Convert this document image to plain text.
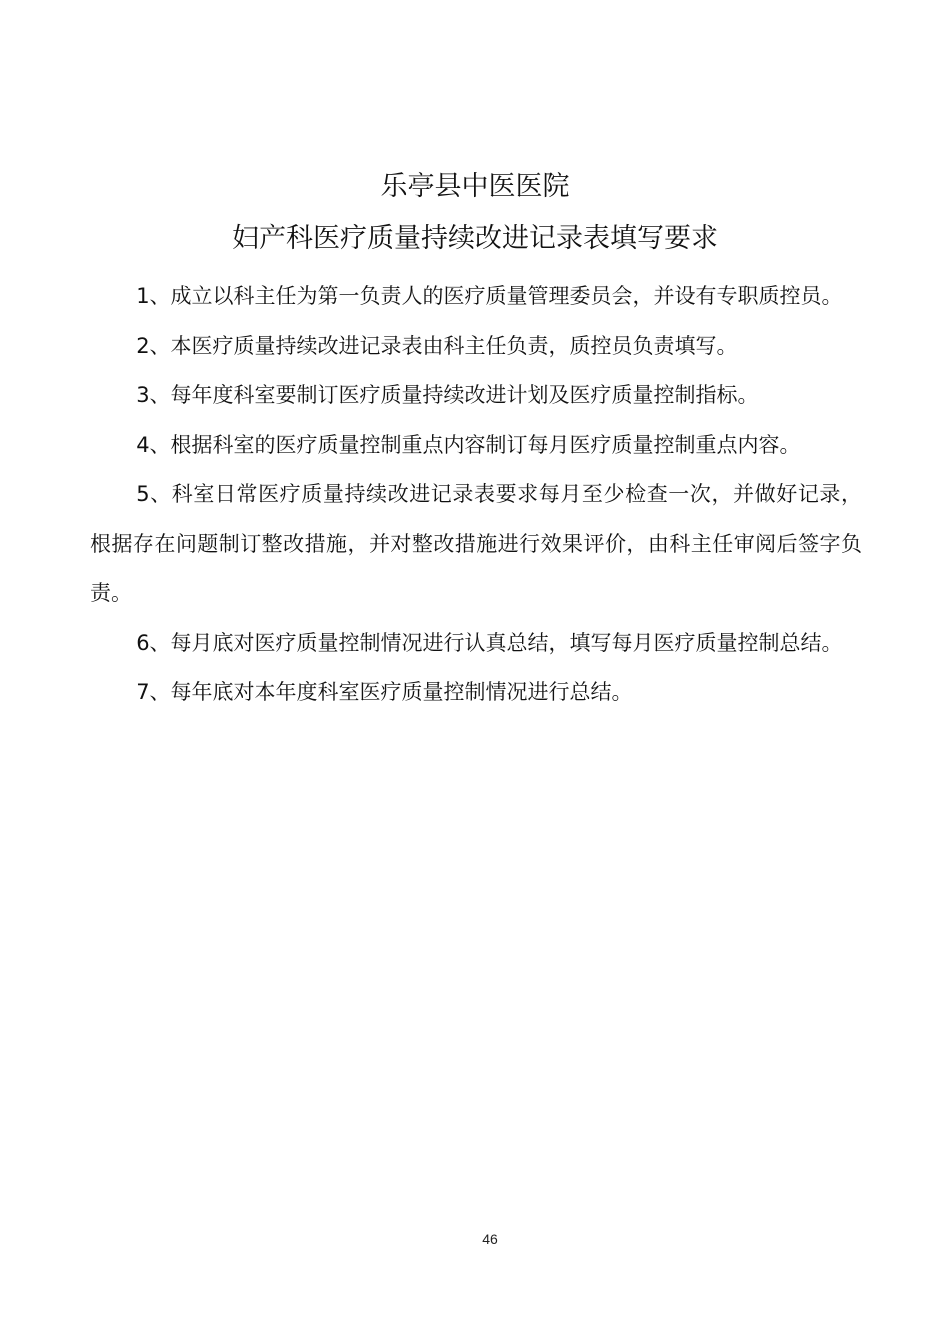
乐亭县中医医院
妇产科医疗质量持续改进记录表填写要求

1、成立以科主任为第一负责人的医疗质量管理委员会，并设有专职质控员。

2、本医疗质量持续改进记录表由科主任负责，质控员负责填写。

3、每年度科室要制订医疗质量持续改进计划及医疗质量控制指标。

4、根据科室的医疗质量控制重点内容制订每月医疗质量控制重点内容。

5、科室日常医疗质量持续改进记录表要求每月至少检查一次，并做好记录，根据存在问题制订整改措施，并对整改措施进行效果评价，由科主任审阅后签字负责。

6、每月底对医疗质量控制情况进行认真总结，填写每月医疗质量控制总结。

7、每年底对本年度科室医疗质量控制情况进行总结。

46
